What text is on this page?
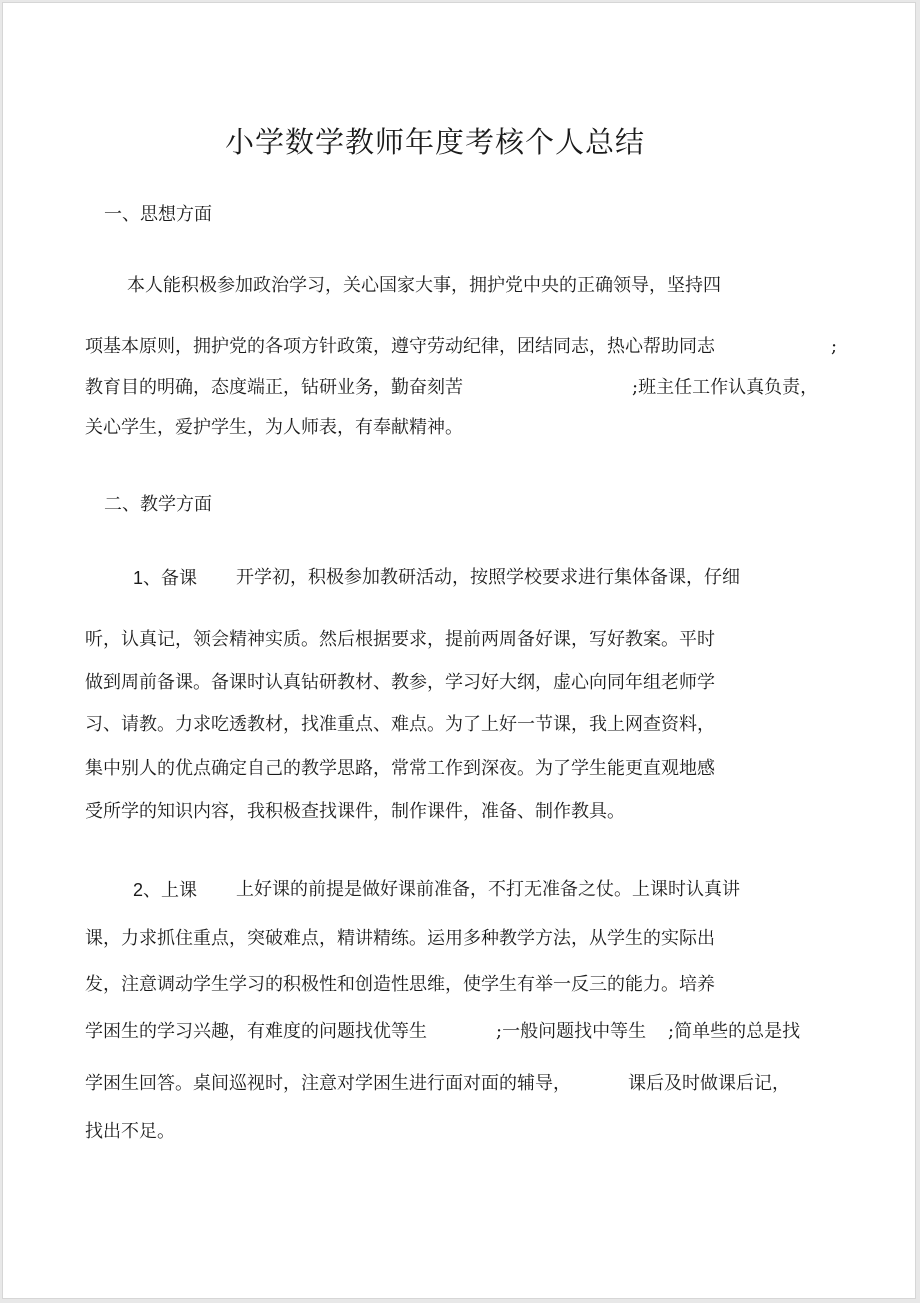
小学数学教师年度考核个人总结
一、思想方面
本人能积极参加政治学习，关心国家大事，拥护党中央的正确领导，坚持四
项基本原则，拥护党的各项方针政策，遵守劳动纪律，团结同志，热心帮助同志	;
教育目的明确，态度端正，钻研业务，勤奋刻苦	;班主任工作认真负责，
关心学生，爱护学生，为人师表，有奉献精神。
二、教学方面
1、备课 开学初，积极参加教研活动，按照学校要求进行集体备课，仔细
听，认真记，领会精神实质。然后根据要求，提前两周备好课，写好教案。平时
做到周前备课。备课时认真钻研教材、教参，学习好大纲，虚心向同年组老师学
习、请教。力求吃透教材，找准重点、难点。为了上好一节课，我上网查资料，
集中别人的优点确定自己的教学思路，常常工作到深夜。为了学生能更直观地感
受所学的知识内容，我积极查找课件，制作课件，准备、制作教具。
2、上课 上好课的前提是做好课前准备，不打无准备之仗。上课时认真讲
课，力求抓住重点，突破难点，精讲精练。运用多种教学方法，从学生的实际出
发，注意调动学生学习的积极性和创造性思维，使学生有举一反三的能力。培养
学困生的学习兴趣，有难度的问题找优等生	;一般问题找中等生 ;简单些的总是找
学困生回答。桌间巡视时，注意对学困生进行面对面的辅导，	课后及时做课后记，
找出不足。
